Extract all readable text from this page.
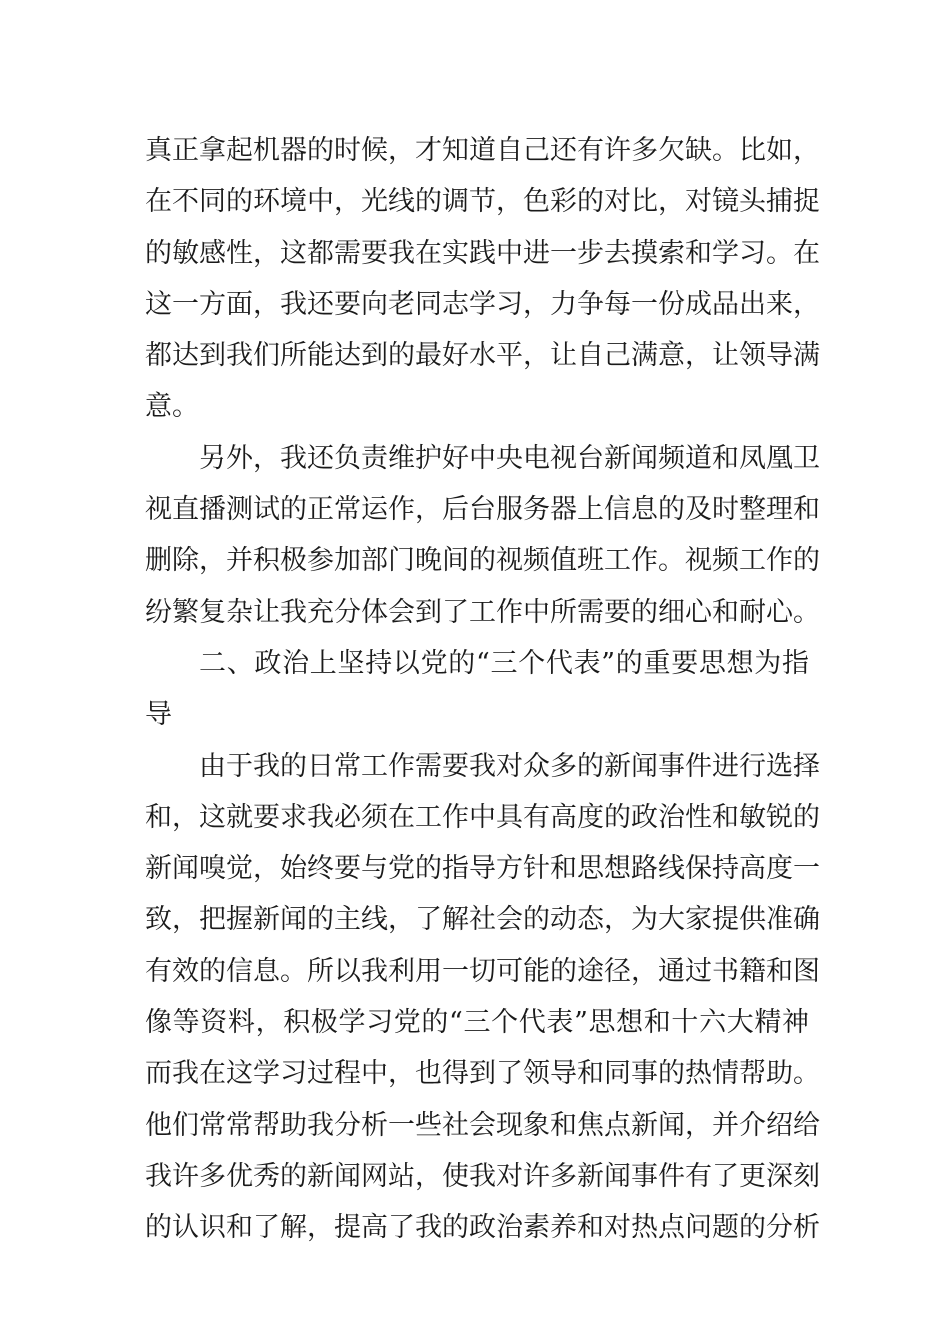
真正拿起机器的时候，才知道自己还有许多欠缺。比如，
在不同的环境中，光线的调节，色彩的对比，对镜头捕捉
的敏感性，这都需要我在实践中进一步去摸索和学习。在
这一方面，我还要向老同志学习，力争每一份成品出来，
都达到我们所能达到的最好水平，让自己满意，让领导满
意。
另外，我还负责维护好中央电视台新闻频道和凤凰卫
视直播测试的正常运作，后台服务器上信息的及时整理和
删除，并积极参加部门晚间的视频值班工作。视频工作的
纷繁复杂让我充分体会到了工作中所需要的细心和耐心。
二、政治上坚持以党的“三个代表”的重要思想为指
导
由于我的日常工作需要我对众多的新闻事件进行选择
和，这就要求我必须在工作中具有高度的政治性和敏锐的
新闻嗅觉，始终要与党的指导方针和思想路线保持高度一
致，把握新闻的主线，了解社会的动态，为大家提供准确
有效的信息。所以我利用一切可能的途径，通过书籍和图
像等资料，积极学习党的“三个代表”思想和十六大精神
而我在这学习过程中，也得到了领导和同事的热情帮助。
他们常常帮助我分析一些社会现象和焦点新闻，并介绍给
我许多优秀的新闻网站，使我对许多新闻事件有了更深刻
的认识和了解，提高了我的政治素养和对热点问题的分析
